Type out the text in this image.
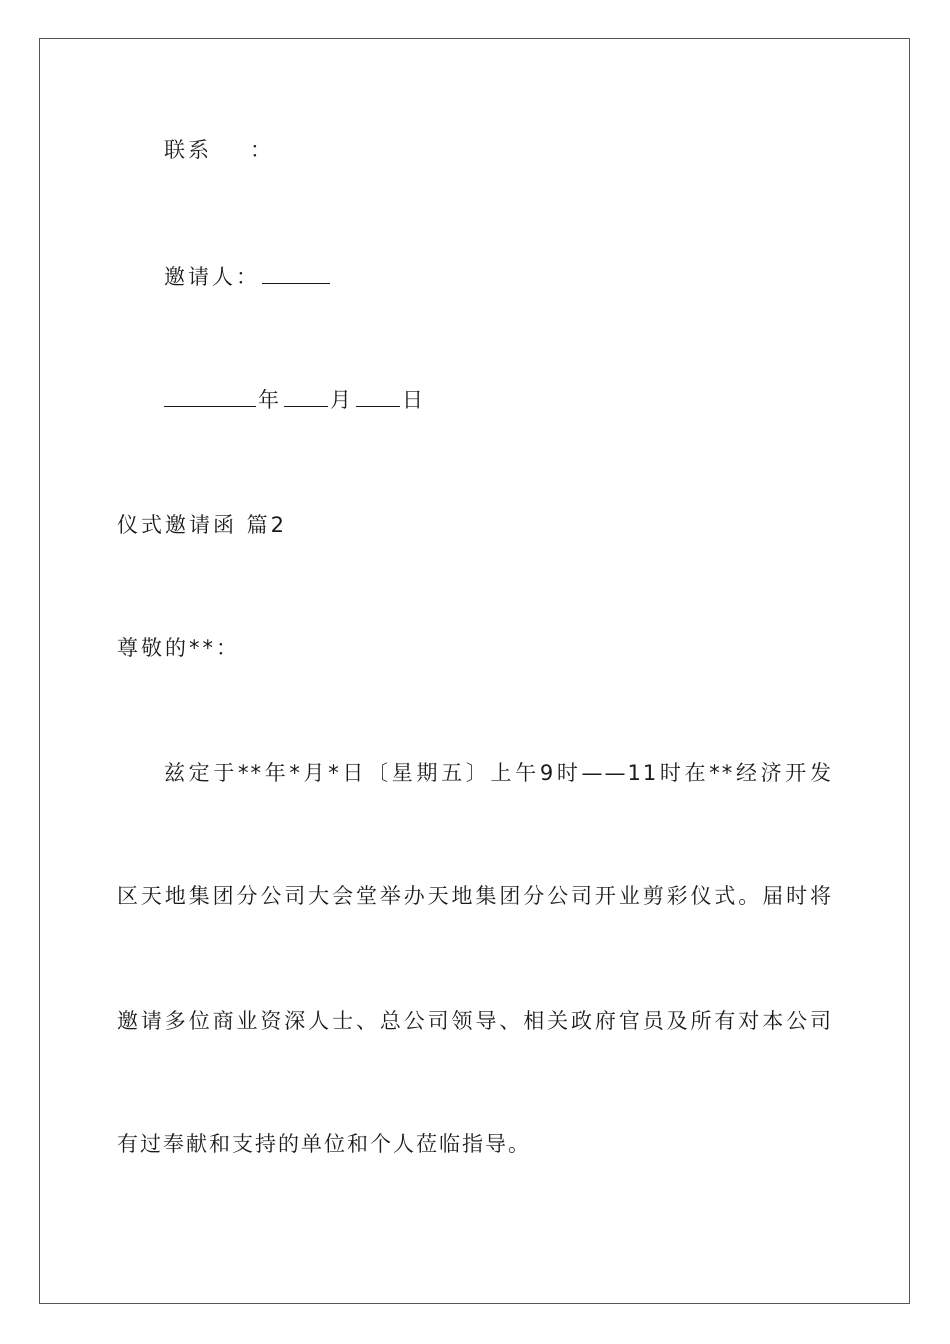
联系 ：
邀请人：
年 月 日
仪式邀请函 篇2
尊敬的**：
兹定于**年*月*日〔星期五〕上午9时——11时在**经济开发
区天地集团分公司大会堂举办天地集团分公司开业剪彩仪式。届时将
邀请多位商业资深人士、总公司领导、相关政府官员及所有对本公司
有过奉献和支持的单位和个人莅临指导。
